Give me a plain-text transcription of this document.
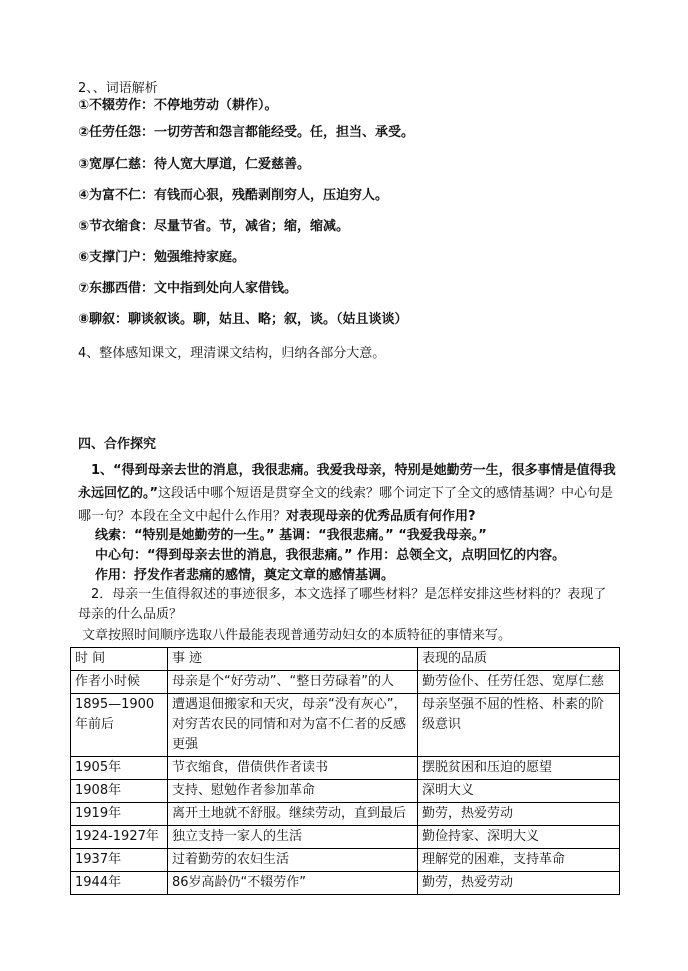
2、、词语解析
①不辍劳作：不停地劳动（耕作）。
②任劳任怨：一切劳苦和怨言都能经受。任，担当、承受。
③宽厚仁慈：待人宽大厚道，仁爱慈善。
④为富不仁：有钱而心狠，残酷剥削穷人，压迫穷人。
⑤节衣缩食：尽量节省。节，减省；缩，缩减。
⑥支撑门户：勉强维持家庭。
⑦东挪西借：文中指到处向人家借钱。
⑧聊叙：聊谈叙谈。聊，姑且、略；叙，谈。（姑且谈谈）
4、整体感知课文，理清课文结构，归纳各部分大意。
四、合作探究
1、“得到母亲去世的消息，我很悲痛。我爱我母亲，特别是她勤劳一生，很多事情是值得我永远回忆的。”这段话中哪个短语是贯穿全文的线索？哪个词定下了全文的感情基调？中心句是哪一句？本段在全文中起什么作用？对表现母亲的优秀品质有何作用?
线索：“特别是她勤劳的一生。” 基调：“我很悲痛。” “我爱我母亲。”
中心句：“得到母亲去世的消息，我很悲痛。” 作用：总领全文，点明回忆的内容。
作用：抒发作者悲痛的感情，奠定文章的感情基调。
2．母亲一生值得叙述的事迹很多，本文选择了哪些材料？是怎样安排这些材料的？表现了母亲的什么品质？
文章按照时间顺序选取八件最能表现普通劳动妇女的本质特征的事情来写。
时 间	事 迹	表现的品质
作者小时候	母亲是个“好劳动”、“整日劳碌着”的人	勤劳俭仆、任劳任怨、宽厚仁慈
1895—1900年前后	遭遇退佃搬家和天灾，母亲“没有灰心”，对穷苦农民的同情和对为富不仁者的反感更强	母亲坚强不屈的性格、朴素的阶级意识
1905年	节衣缩食，借债供作者读书	摆脱贫困和压迫的愿望
1908年	支持、慰勉作者参加革命	深明大义
1919年	离开土地就不舒服。继续劳动，直到最后	勤劳，热爱劳动
1924-1927年	独立支持一家人的生活	勤俭持家、深明大义
1937年	过着勤劳的农妇生活	理解党的困难，支持革命
1944年	86岁高龄仍“不辍劳作”	勤劳，热爱劳动
